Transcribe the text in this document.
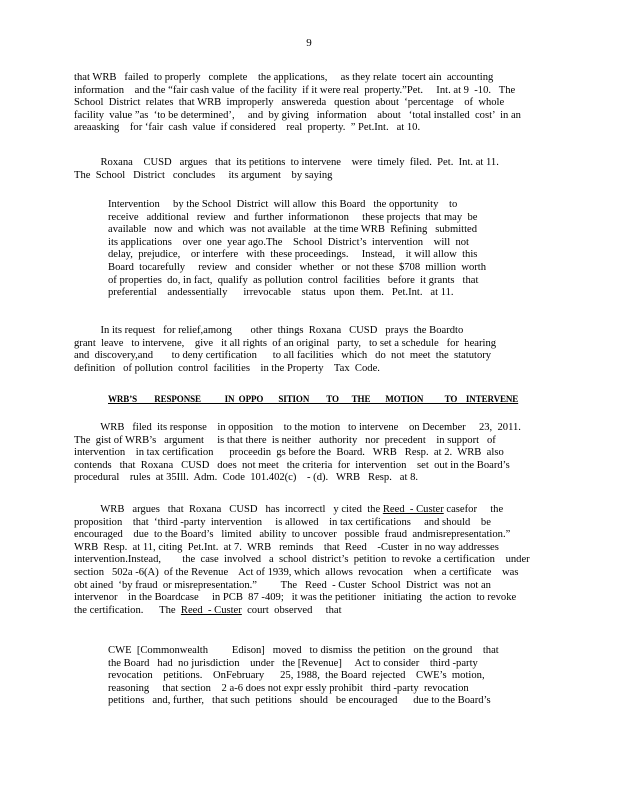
9
that WRB   failed  to properly   complete    the applications,     as they relate  tocert ain  accounting
information    and the “fair cash value  of the facility  if it were real  property.”Pet.     Int. at 9  -10.   The
School  District  relates  that WRB  improperly   answereda   question  about  ‘percentage    of  whole
facility  value ”as  ‘to be determined’,     and  by giving   information    about   ‘total installed  cost’  in an
areaasking    for ‘fair  cash  value  if considered    real  property.  ” Pet.Int.   at 10.
Roxana    CUSD   argues   that  its petitions  to intervene    were  timely  filed.  Pet.  Int. at 11.
The  School   District   concludes     its argument    by saying
Intervention     by the School  District  will allow  this Board   the opportunity    to
receive   additional   review   and  further  informationon     these projects  that may  be
available   now  and  which  was  not available   at the time WRB  Refining   submitted
its applications    over  one  year ago.The    School  District’s  intervention    will  not
delay,  prejudice,    or interfere   with  these proceedings.     Instead,    it will allow  this
Board  tocarefully     review   and  consider   whether   or  not these  $708  million  worth
of properties  do, in fact,  qualify  as pollution  control  facilities   before  it grants   that
preferential    andessentially      irrevocable    status   upon  them.   Pet.Int.   at 11.
In its request   for relief,among       other  things  Roxana   CUSD   prays  the Boardto
grant  leave   to intervene,    give   it all rights  of an original   party,   to set a schedule   for  hearing
and  discovery,and       to deny certification      to all facilities   which   do  not  meet  the  statutory
definition   of pollution  control  facilities    in the Property    Tax  Code.
WRB’S        RESPONSE           IN  OPPO       SITION        TO      THE       MOTION          TO    INTERVENE
WRB   filed  its response    in opposition    to the motion   to intervene    on December     23,  2011.
The  gist of WRB’s   argument     is that there  is neither   authority   nor  precedent    in support   of
intervention    in tax certification      proceedin  gs before the  Board.   WRB   Resp.  at 2.  WRB  also
contends   that  Roxana   CUSD   does  not meet   the criteria  for  intervention    set  out in the Board’s
procedural    rules  at 35Ill.  Adm.  Code  101.402(c)    - (d).   WRB   Resp.   at 8.
WRB   argues   that  Roxana   CUSD   has  incorrectl   y cited  the Reed  - Custer casefor     the
proposition    that  ‘third -party  intervention     is allowed    in tax certifications     and should    be
encouraged    due  to the Board’s   limited   ability  to uncover   possible  fraud  andmisrepresentation.”
WRB  Resp.  at 11, citing  Pet.Int.  at 7.  WRB   reminds    that  Reed    -Custer  in no way addresses
intervention.Instead,        the  case  involved   a  school  district’s  petition  to revoke  a certification    under
section   502a -6(A)  of the Revenue    Act of 1939, which  allows  revocation    when  a certificate    was
obt ained  ‘by fraud  or misrepresentation.”         The   Reed  - Custer  School  District  was  not an
intervenor    in the Boardcase     in PCB  87 -409;   it was the petitioner   initiating   the action  to revoke
the certification.      The  Reed  - Custer  court  observed     that
CWE  [Commonwealth         Edison]   moved   to dismiss  the petition   on the ground    that
the Board   had  no jurisdiction    under   the [Revenue]     Act to consider    third -party
revocation    petitions.    OnFebruary      25, 1988,  the Board  rejected    CWE’s  motion,
reasoning     that section    2 a-6 does not expr essly prohibit   third -party  revocation
petitions   and, further,   that such  petitions   should   be encouraged      due to the Board’s
